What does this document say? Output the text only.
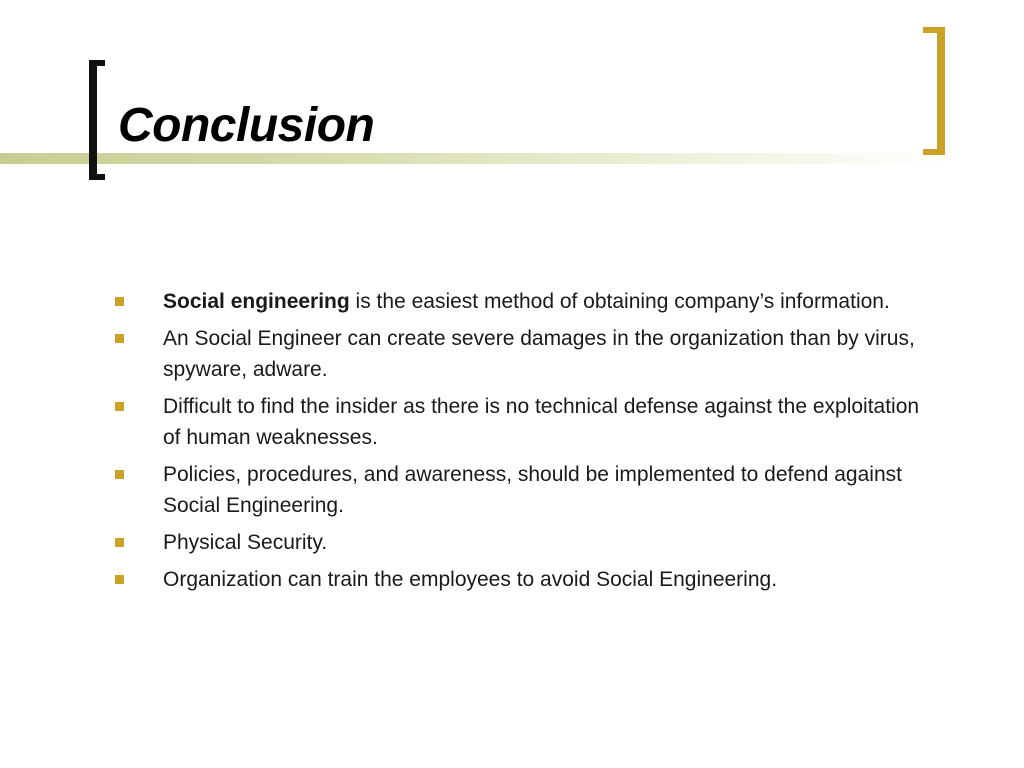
Conclusion
Social engineering is the easiest method of obtaining company’s information.
An Social Engineer can create severe damages in the organization than by virus, spyware, adware.
Difficult to find the insider as there is no technical defense against the exploitation of human weaknesses.
Policies, procedures, and awareness, should be implemented to defend against Social Engineering.
Physical Security.
Organization can train the employees to avoid Social Engineering.
